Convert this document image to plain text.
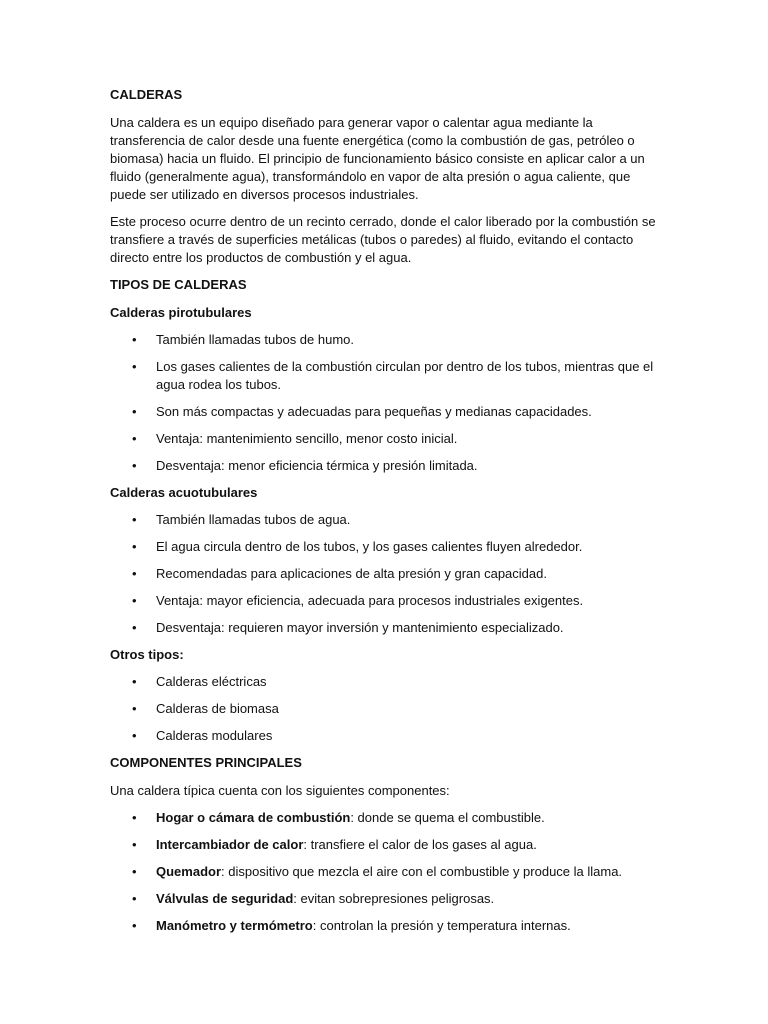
CALDERAS

Una caldera es un equipo diseñado para generar vapor o calentar agua mediante la transferencia de calor desde una fuente energética (como la combustión de gas, petróleo o biomasa) hacia un fluido. El principio de funcionamiento básico consiste en aplicar calor a un fluido (generalmente agua), transformándolo en vapor de alta presión o agua caliente, que puede ser utilizado en diversos procesos industriales.

Este proceso ocurre dentro de un recinto cerrado, donde el calor liberado por la combustión se transfiere a través de superficies metálicas (tubos o paredes) al fluido, evitando el contacto directo entre los productos de combustión y el agua.

TIPOS DE CALDERAS

Calderas pirotubulares

• También llamadas tubos de humo.
• Los gases calientes de la combustión circulan por dentro de los tubos, mientras que el agua rodea los tubos.
• Son más compactas y adecuadas para pequeñas y medianas capacidades.
• Ventaja: mantenimiento sencillo, menor costo inicial.
• Desventaja: menor eficiencia térmica y presión limitada.

Calderas acuotubulares

• También llamadas tubos de agua.
• El agua circula dentro de los tubos, y los gases calientes fluyen alrededor.
• Recomendadas para aplicaciones de alta presión y gran capacidad.
• Ventaja: mayor eficiencia, adecuada para procesos industriales exigentes.
• Desventaja: requieren mayor inversión y mantenimiento especializado.

Otros tipos:

• Calderas eléctricas
• Calderas de biomasa
• Calderas modulares

COMPONENTES PRINCIPALES

Una caldera típica cuenta con los siguientes componentes:

• Hogar o cámara de combustión: donde se quema el combustible.
• Intercambiador de calor: transfiere el calor de los gases al agua.
• Quemador: dispositivo que mezcla el aire con el combustible y produce la llama.
• Válvulas de seguridad: evitan sobrepresiones peligrosas.
• Manómetro y termómetro: controlan la presión y temperatura internas.
